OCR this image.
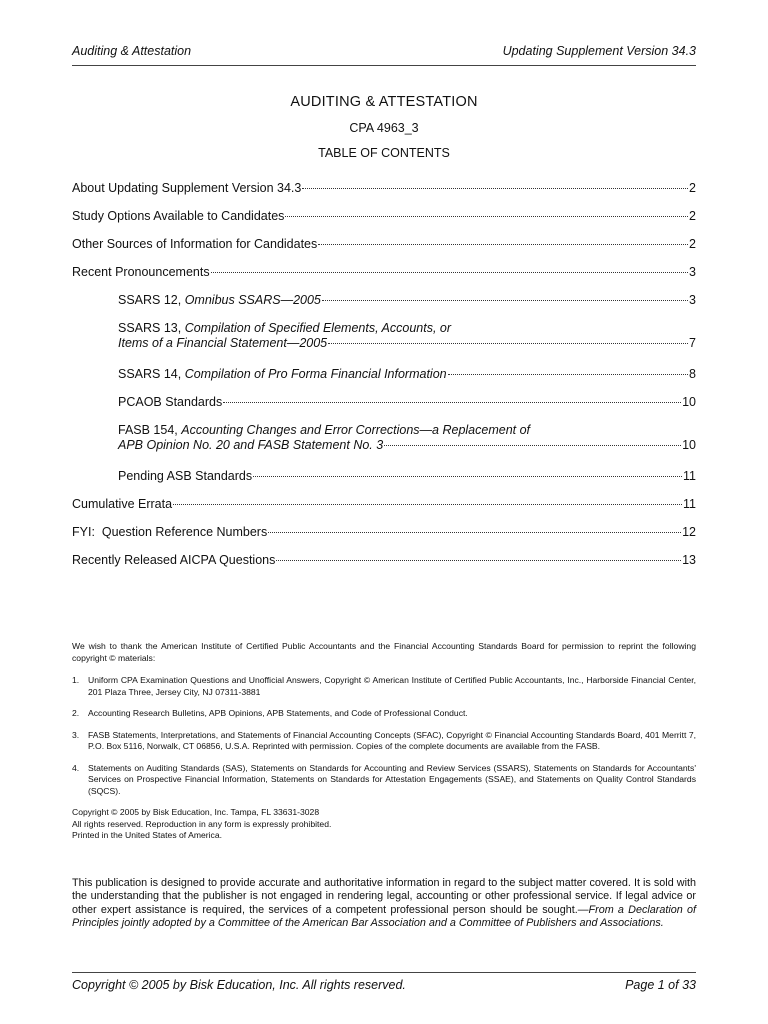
Auditing & Attestation	Updating Supplement Version 34.3
AUDITING & ATTESTATION
CPA 4963_3
TABLE OF CONTENTS
About Updating Supplement Version 34.3	2
Study Options Available to Candidates	2
Other Sources of Information for Candidates	2
Recent Pronouncements	3
SSARS 12, Omnibus SSARS—2005	3
SSARS 13, Compilation of Specified Elements, Accounts, or
Items of a Financial Statement—2005	7
SSARS 14, Compilation of Pro Forma Financial Information	8
PCAOB Standards	10
FASB 154, Accounting Changes and Error Corrections—a Replacement of
APB Opinion No. 20 and FASB Statement No. 3	10
Pending ASB Standards	11
Cumulative Errata	11
FYI:  Question Reference Numbers	12
Recently Released AICPA Questions	13

We wish to thank the American Institute of Certified Public Accountants and the Financial Accounting Standards Board for permission to reprint the following copyright © materials:

1.	Uniform CPA Examination Questions and Unofficial Answers, Copyright © American Institute of Certified Public Accountants, Inc., Harborside Financial Center, 201 Plaza Three, Jersey City, NJ 07311-3881
2.	Accounting Research Bulletins, APB Opinions, APB Statements, and Code of Professional Conduct.
3.	FASB Statements, Interpretations, and Statements of Financial Accounting Concepts (SFAC), Copyright © Financial Accounting Standards Board, 401 Merritt 7, P.O. Box 5116, Norwalk, CT 06856, U.S.A. Reprinted with permission. Copies of the complete documents are available from the FASB.
4.	Statements on Auditing Standards (SAS), Statements on Standards for Accounting and Review Services (SSARS), Statements on Standards for Accountants' Services on Prospective Financial Information, Statements on Standards for Attestation Engagements (SSAE), and Statements on Quality Control Standards (SQCS).
Copyright © 2005 by Bisk Education, Inc. Tampa, FL 33631-3028
All rights reserved. Reproduction in any form is expressly prohibited.
Printed in the United States of America.

This publication is designed to provide accurate and authoritative information in regard to the subject matter covered. It is sold with the understanding that the publisher is not engaged in rendering legal, accounting or other professional service. If legal advice or other expert assistance is required, the services of a competent professional person should be sought.—From a Declaration of Principles jointly adopted by a Committee of the American Bar Association and a Committee of Publishers and Associations.

Copyright © 2005 by Bisk Education, Inc. All rights reserved.	Page 1 of 33
